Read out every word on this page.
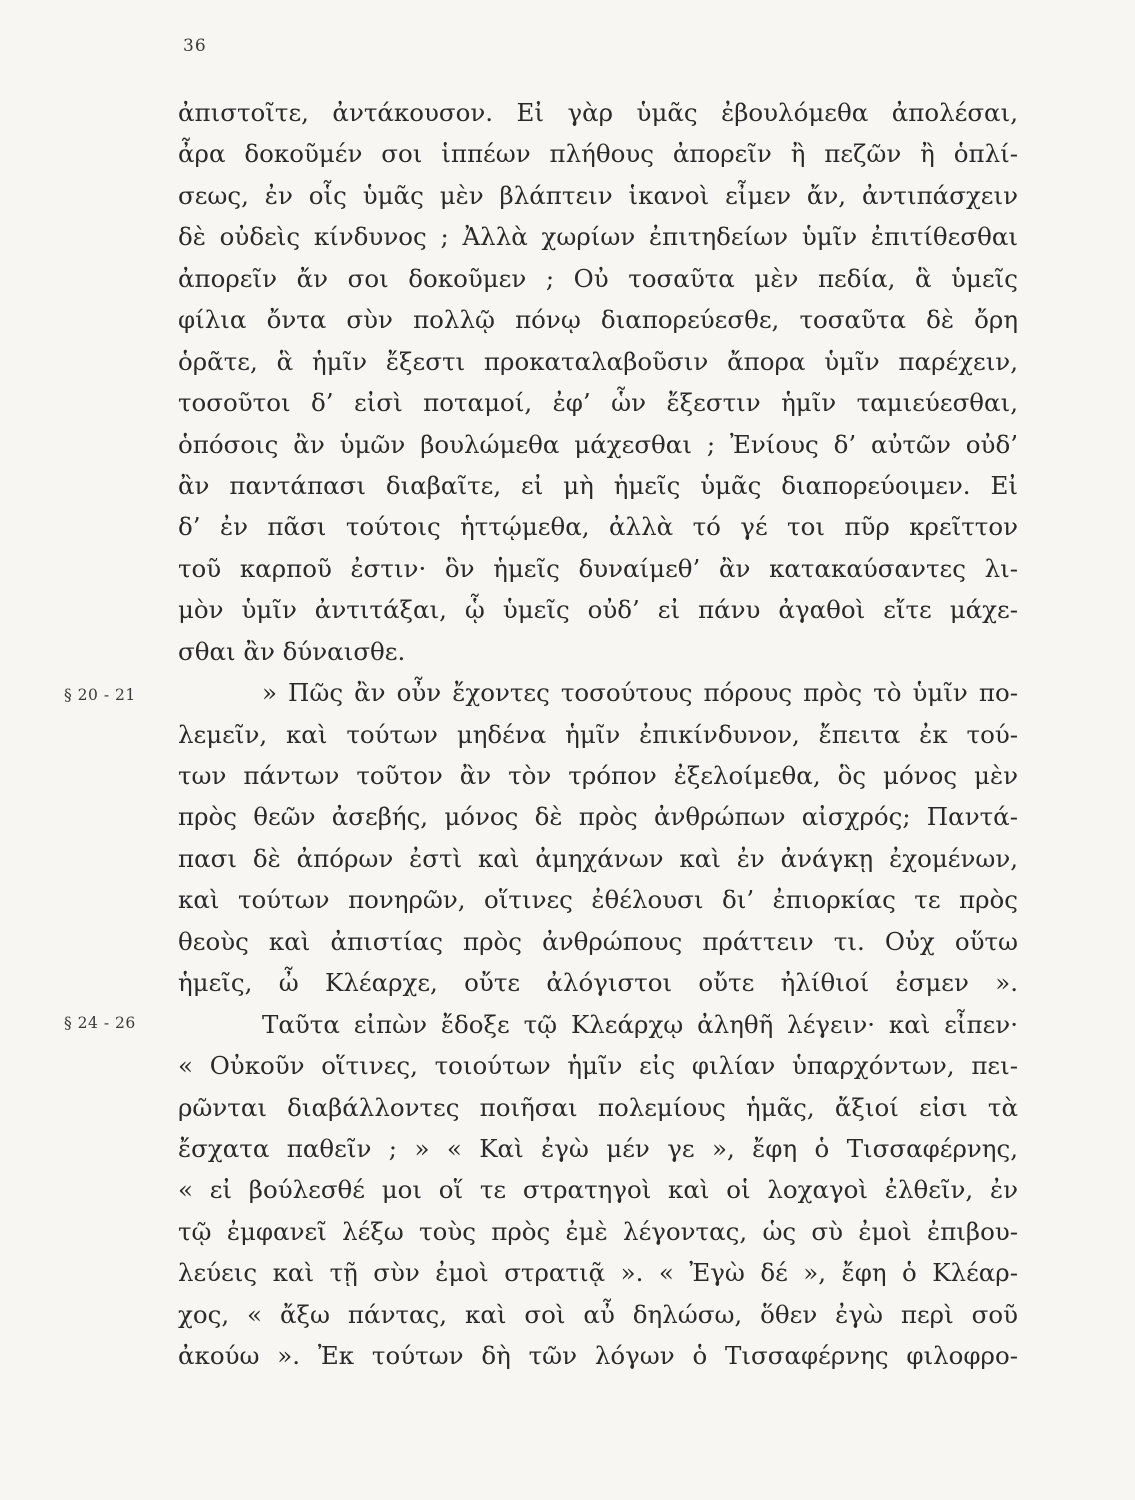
36
§ 20 - 21
§ 24 - 26
ἀπιστοῖτε, ἀντάκουσον. Εἰ γὰρ ὑμᾶς ἐβουλόμεθα ἀπολέσαι,
ἆρα δοκοῦμέν σοι ἱππέων πλήθους ἀπορεῖν ἢ πεζῶν ἢ ὁπλί-
σεως, ἐν οἷς ὑμᾶς μὲν βλάπτειν ἱκανοὶ εἶμεν ἄν, ἀντιπάσχειν
δὲ οὐδεὶς κίνδυνος ; Ἀλλὰ χωρίων ἐπιτηδείων ὑμῖν ἐπιτίθεσθαι
ἀπορεῖν ἄν σοι δοκοῦμεν ; Οὐ τοσαῦτα μὲν πεδία, ἃ ὑμεῖς
φίλια ὄντα σὺν πολλῷ πόνῳ διαπορεύεσθε, τοσαῦτα δὲ ὄρη
ὁρᾶτε, ἃ ἡμῖν ἔξεστι προκαταλαβοῦσιν ἄπορα ὑμῖν παρέχειν,
τοσοῦτοι δ’ εἰσὶ ποταμοί, ἐφ’ ὧν ἔξεστιν ἡμῖν ταμιεύεσθαι,
ὁπόσοις ἂν ὑμῶν βουλώμεθα μάχεσθαι ; Ἐνίους δ’ αὐτῶν οὐδ’
ἂν παντάπασι διαβαῖτε, εἰ μὴ ἡμεῖς ὑμᾶς διαπορεύοιμεν. Εἰ
δ’ ἐν πᾶσι τούτοις ἡττῴμεθα, ἀλλὰ τό γέ τοι πῦρ κρεῖττον
τοῦ καρποῦ ἐστιν· ὃν ἡμεῖς δυναίμεθ’ ἂν κατακαύσαντες λι-
μὸν ὑμῖν ἀντιτάξαι, ᾧ ὑμεῖς οὐδ’ εἰ πάνυ ἀγαθοὶ εἴτε μάχε-
σθαι ἂν δύναισθε.
» Πῶς ἂν οὖν ἔχοντες τοσούτους πόρους πρὸς τὸ ὑμῖν πο-
λεμεῖν, καὶ τούτων μηδένα ἡμῖν ἐπικίνδυνον, ἔπειτα ἐκ τού-
των πάντων τοῦτον ἂν τὸν τρόπον ἐξελοίμεθα, ὃς μόνος μὲν
πρὸς θεῶν ἀσεβής, μόνος δὲ πρὸς ἀνθρώπων αἰσχρός; Παντά-
πασι δὲ ἀπόρων ἐστὶ καὶ ἀμηχάνων καὶ ἐν ἀνάγκῃ ἐχομένων,
καὶ τούτων πονηρῶν, οἵτινες ἐθέλουσι δι’ ἐπιορκίας τε πρὸς
θεοὺς καὶ ἀπιστίας πρὸς ἀνθρώπους πράττειν τι. Οὐχ οὕτω
ἡμεῖς, ὦ Κλέαρχε, οὔτε ἀλόγιστοι οὔτε ἠλίθιοί ἐσμεν ».
Ταῦτα εἰπὼν ἔδοξε τῷ Κλεάρχῳ ἀληθῆ λέγειν· καὶ εἶπεν·
« Οὐκοῦν οἵτινες, τοιούτων ἡμῖν εἰς φιλίαν ὑπαρχόντων, πει-
ρῶνται διαβάλλοντες ποιῆσαι πολεμίους ἡμᾶς, ἄξιοί εἰσι τὰ
ἔσχατα παθεῖν ; » « Καὶ ἐγὼ μέν γε », ἔφη ὁ Τισσαφέρνης,
« εἰ βούλεσθέ μοι οἵ τε στρατηγοὶ καὶ οἱ λοχαγοὶ ἐλθεῖν, ἐν
τῷ ἐμφανεῖ λέξω τοὺς πρὸς ἐμὲ λέγοντας, ὡς σὺ ἐμοὶ ἐπιβου-
λεύεις καὶ τῇ σὺν ἐμοὶ στρατιᾷ ». « Ἐγὼ δέ », ἔφη ὁ Κλέαρ-
χος, « ἄξω πάντας, καὶ σοὶ αὖ δηλώσω, ὅθεν ἐγὼ περὶ σοῦ
ἀκούω ». Ἐκ τούτων δὴ τῶν λόγων ὁ Τισσαφέρνης φιλοφρο-
